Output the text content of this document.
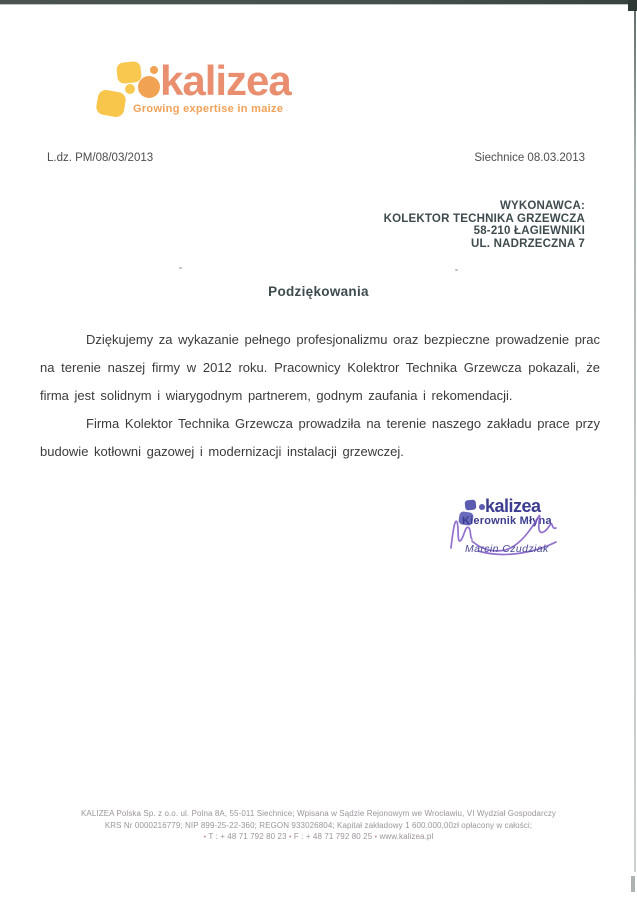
kalizea
Growing expertise in maize
L.dz. PM/08/03/2013	Siechnice 08.03.2013
WYKONAWCA:
KOLEKTOR TECHNIKA GRZEWCZA
58-210 ŁAGIEWNIKI
UL. NADRZECZNA 7
Podziękowania
Dziękujemy za wykazanie pełnego profesjonalizmu oraz bezpieczne prowadzenie prac na terenie naszej firmy w 2012 roku. Pracownicy Kolektror Technika Grzewcza pokazali, że firma jest solidnym i wiarygodnym partnerem, godnym zaufania i rekomendacji.
Firma Kolektor Technika Grzewcza prowadziła na terenie naszego zakładu prace przy budowie kotłowni gazowej i modernizacji instalacji grzewczej.
kalizea
Kierownik Młyna
Marcin Czudziak
KALIZEA Polska Sp. z o.o. ul. Polna 8A, 55-011 Siechnice; Wpisana w Sądzie Rejonowym we Wrocławiu, VI Wydział Gospodarczy
KRS Nr 0000216779; NIP 899-25-22-360; REGON 933026804; Kapitał zakładowy 1 600.000,00zł opłacony w całości;
• T : + 48 71 792 80 23 • F : + 48 71 792 80 25 • www.kalizea.pl
